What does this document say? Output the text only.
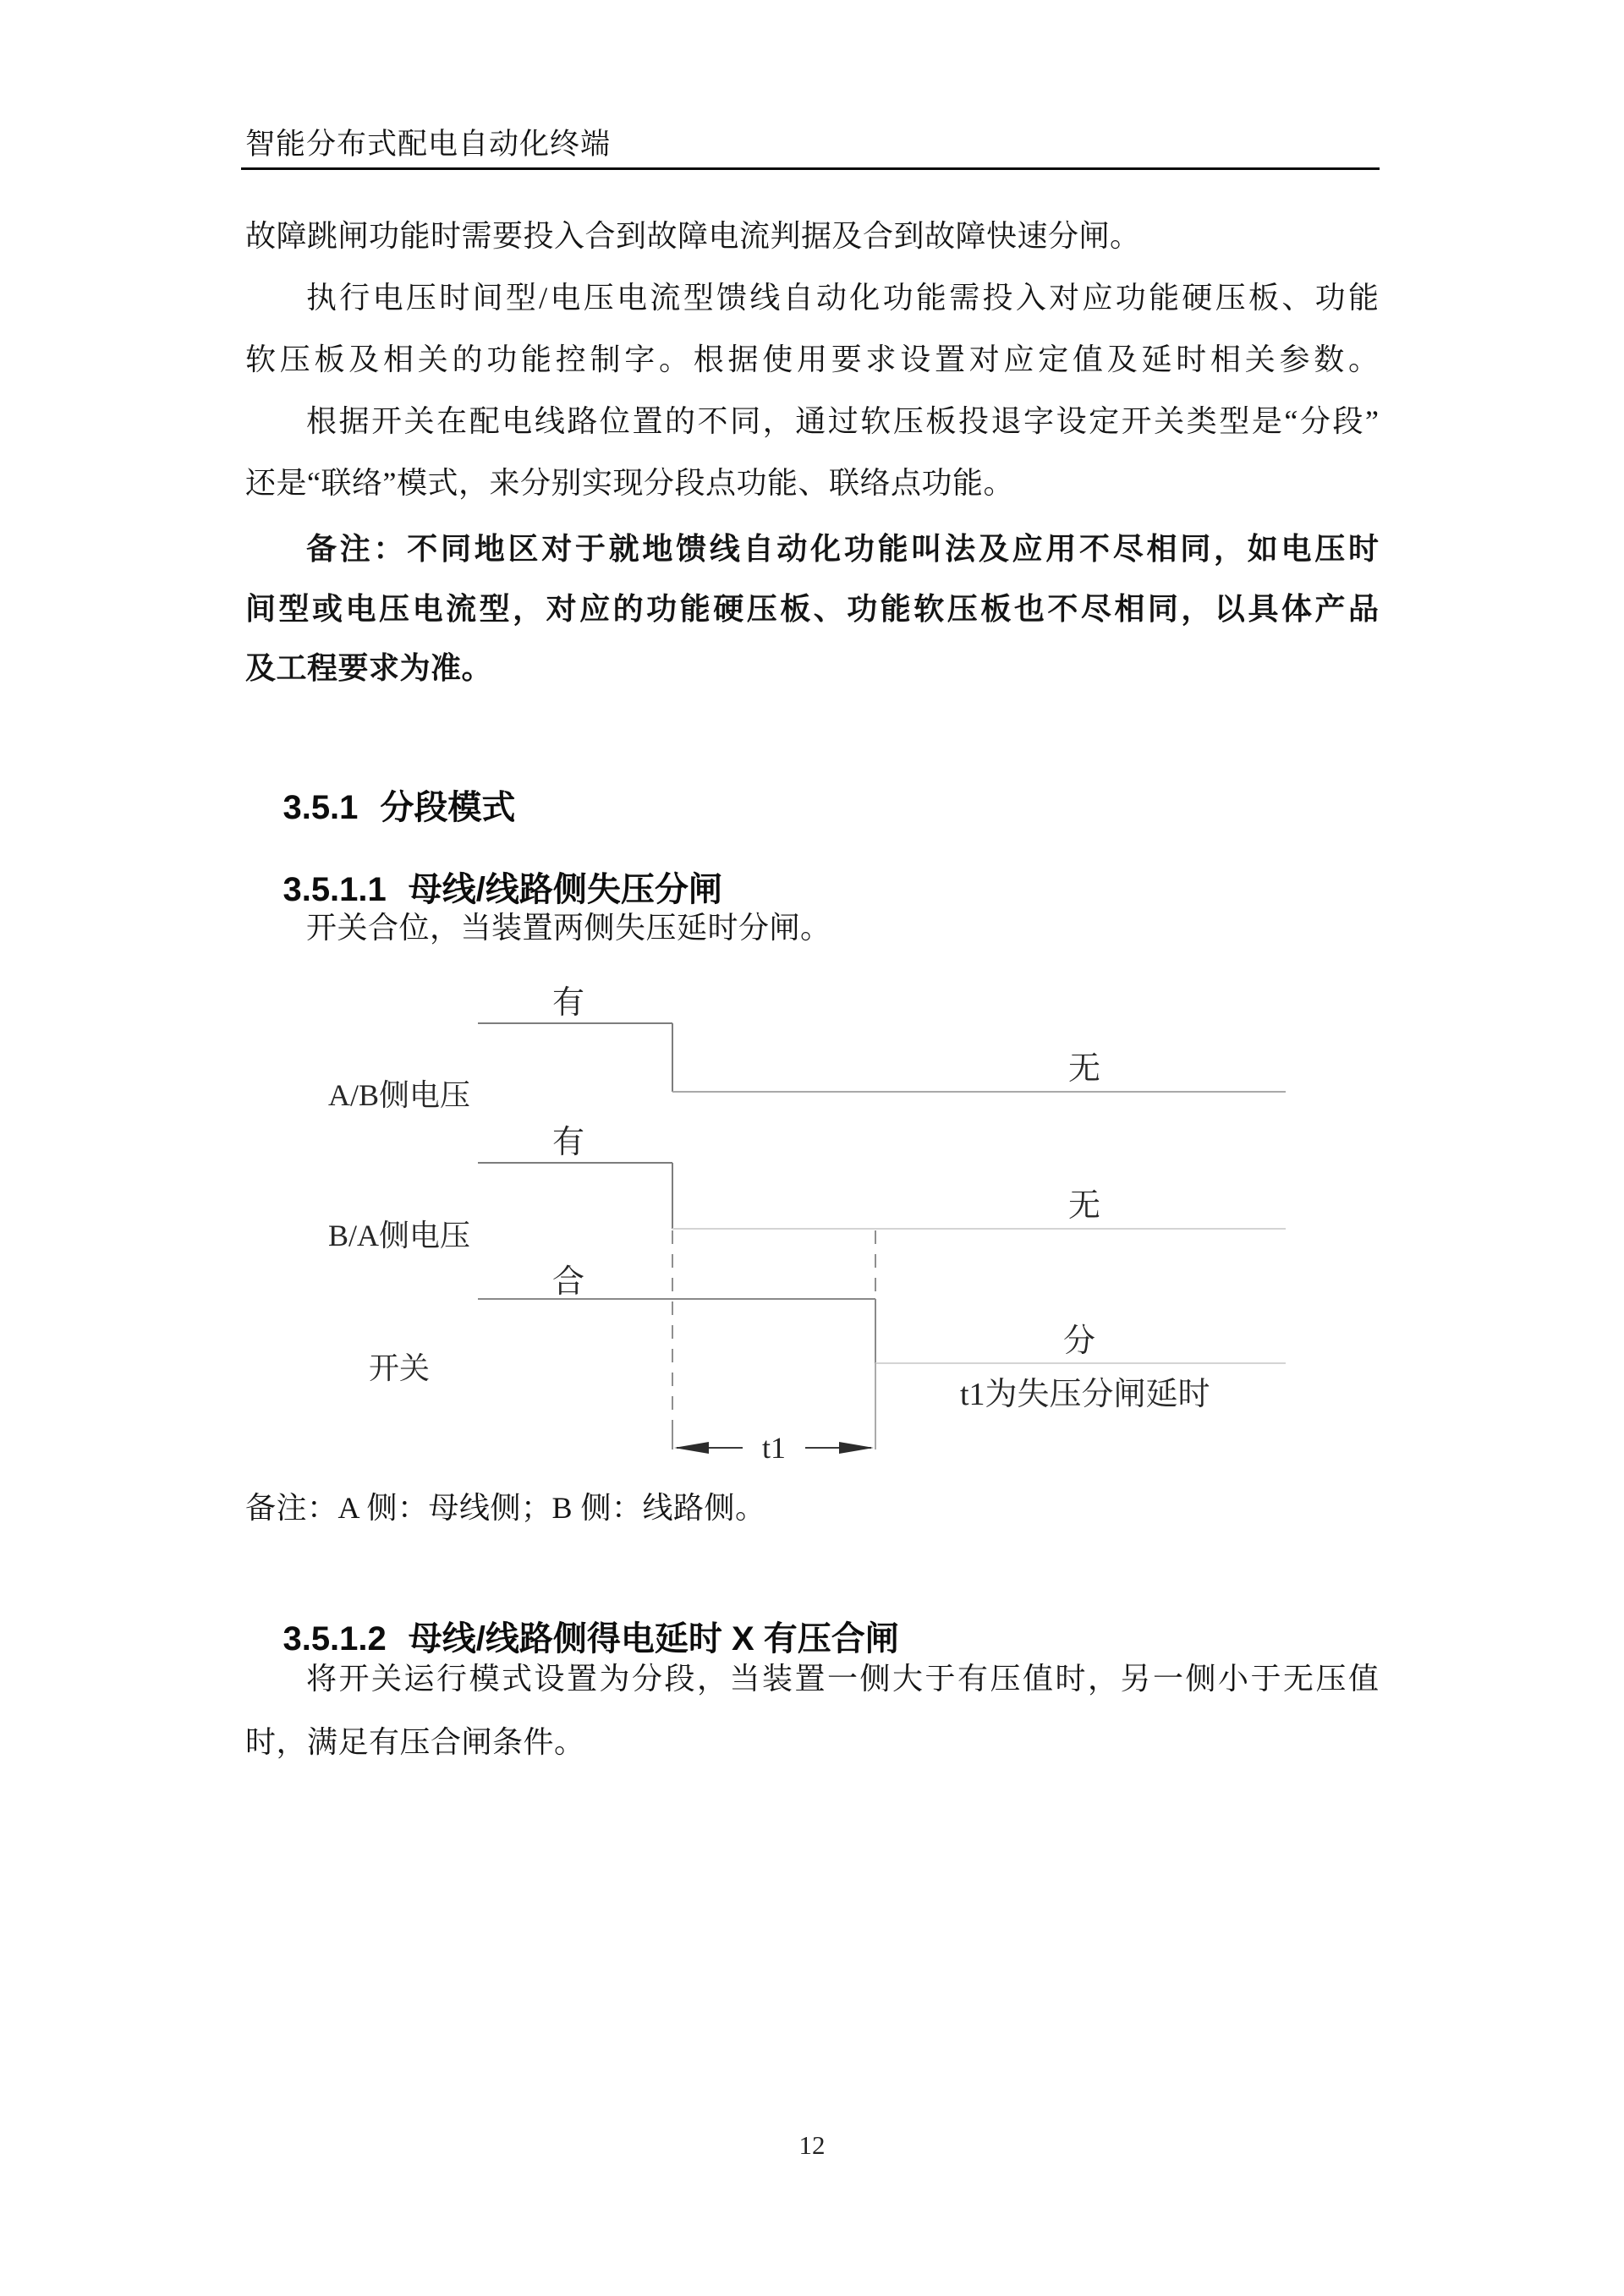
智能分布式配电自动化终端
故障跳闸功能时需要投入合到故障电流判据及合到故障快速分闸。
执行电压时间型/电压电流型馈线自动化功能需投入对应功能硬压板、功能
软压板及相关的功能控制字。根据使用要求设置对应定值及延时相关参数。
根据开关在配电线路位置的不同，通过软压板投退字设定开关类型是“分段”
还是“联络”模式，来分别实现分段点功能、联络点功能。
备注：不同地区对于就地馈线自动化功能叫法及应用不尽相同，如电压时
间型或电压电流型，对应的功能硬压板、功能软压板也不尽相同，以具体产品
及工程要求为准。

3.5.1 分段模式

3.5.1.1 母线/线路侧失压分闸

开关合位，当装置两侧失压延时分闸。
有
无
有
无
合
分
A/B侧电压
B/A侧电压
开关
t1
t1为失压分闸延时
备注：A 侧：母线侧；B 侧：线路侧。

3.5.1.2 母线/线路侧得电延时 X 有压合闸

将开关运行模式设置为分段，当装置一侧大于有压值时，另一侧小于无压值
时，满足有压合闸条件。
12
